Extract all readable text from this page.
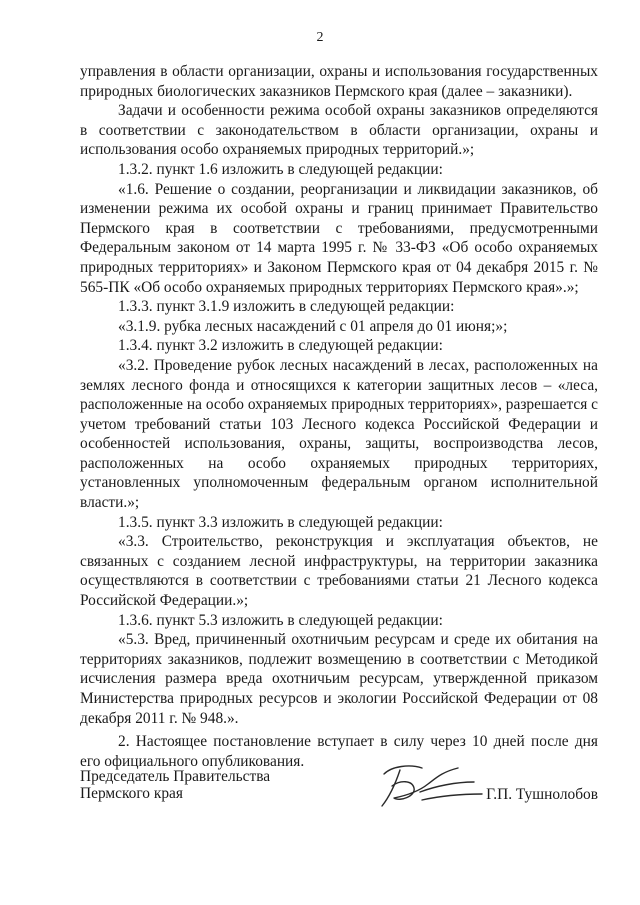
2

управления в области организации, охраны и использования государственных природных биологических заказников Пермского края (далее – заказники).

Задачи и особенности режима особой охраны заказников определяются в соответствии с законодательством в области организации, охраны и использования особо охраняемых природных территорий.»;

1.3.2. пункт 1.6 изложить в следующей редакции:

«1.6. Решение о создании, реорганизации и ликвидации заказников, об изменении режима их особой охраны и границ принимает Правительство Пермского края в соответствии с требованиями, предусмотренными Федеральным законом от 14 марта 1995 г. № 33-ФЗ «Об особо охраняемых природных территориях» и Законом Пермского края от 04 декабря 2015 г. № 565-ПК «Об особо охраняемых природных территориях Пермского края».»;

1.3.3. пункт 3.1.9 изложить в следующей редакции:

«3.1.9. рубка лесных насаждений с 01 апреля до 01 июня;»;

1.3.4. пункт 3.2 изложить в следующей редакции:

«3.2. Проведение рубок лесных насаждений в лесах, расположенных на землях лесного фонда и относящихся к категории защитных лесов – «леса, расположенные на особо охраняемых природных территориях», разрешается с учетом требований статьи 103 Лесного кодекса Российской Федерации и особенностей использования, охраны, защиты, воспроизводства лесов, расположенных на особо охраняемых природных территориях, установленных уполномоченным федеральным органом исполнительной власти.»;

1.3.5. пункт 3.3 изложить в следующей редакции:

«3.3. Строительство, реконструкция и эксплуатация объектов, не связанных с созданием лесной инфраструктуры, на территории заказника осуществляются в соответствии с требованиями статьи 21 Лесного кодекса Российской Федерации.»;

1.3.6. пункт 5.3 изложить в следующей редакции:

«5.3. Вред, причиненный охотничьим ресурсам и среде их обитания на территориях заказников, подлежит возмещению в соответствии с Методикой исчисления размера вреда охотничьим ресурсам, утвержденной приказом Министерства природных ресурсов и экологии Российской Федерации от 08 декабря 2011 г. № 948.».

2. Настоящее постановление вступает в силу через 10 дней после дня его официального опубликования.

Председатель Правительства
Пермского края	Г.П. Тушнолобов
